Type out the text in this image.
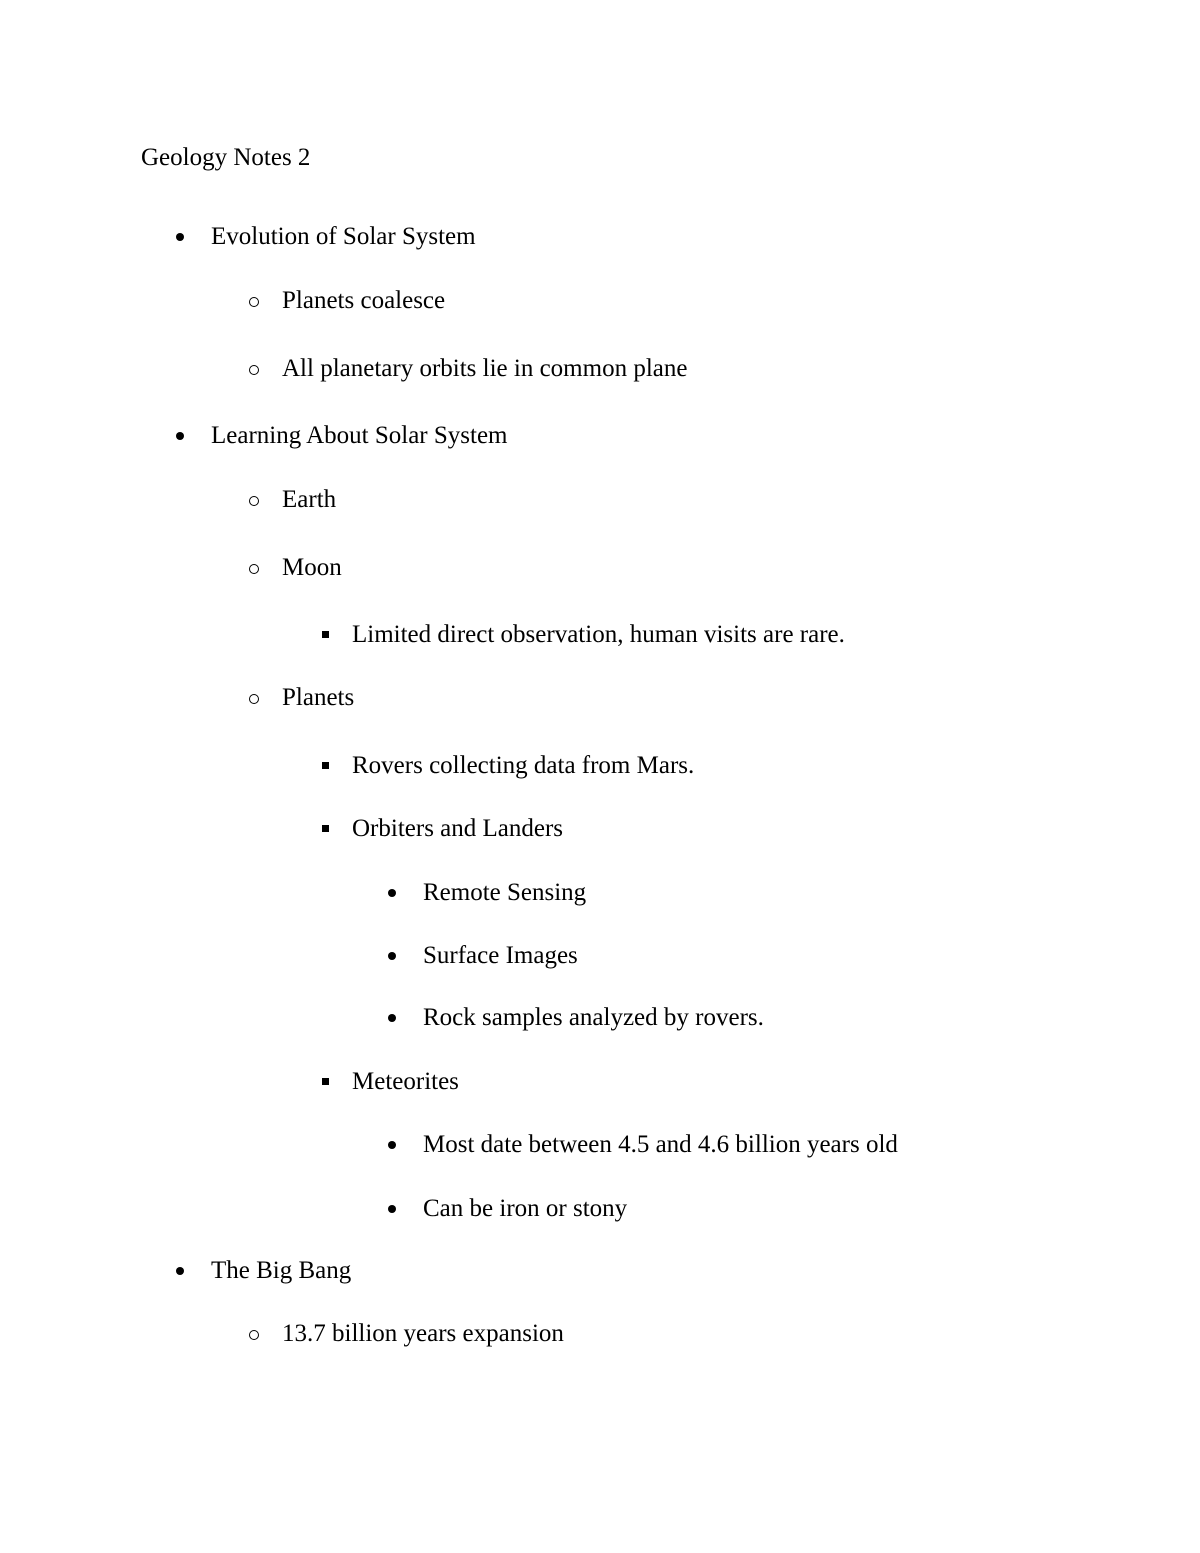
Geology Notes 2
Evolution of Solar System
Planets coalesce
All planetary orbits lie in common plane
Learning About Solar System
Earth
Moon
Limited direct observation, human visits are rare.
Planets
Rovers collecting data from Mars.
Orbiters and Landers
Remote Sensing
Surface Images
Rock samples analyzed by rovers.
Meteorites
Most date between 4.5 and 4.6 billion years old
Can be iron or stony
The Big Bang
13.7 billion years expansion
